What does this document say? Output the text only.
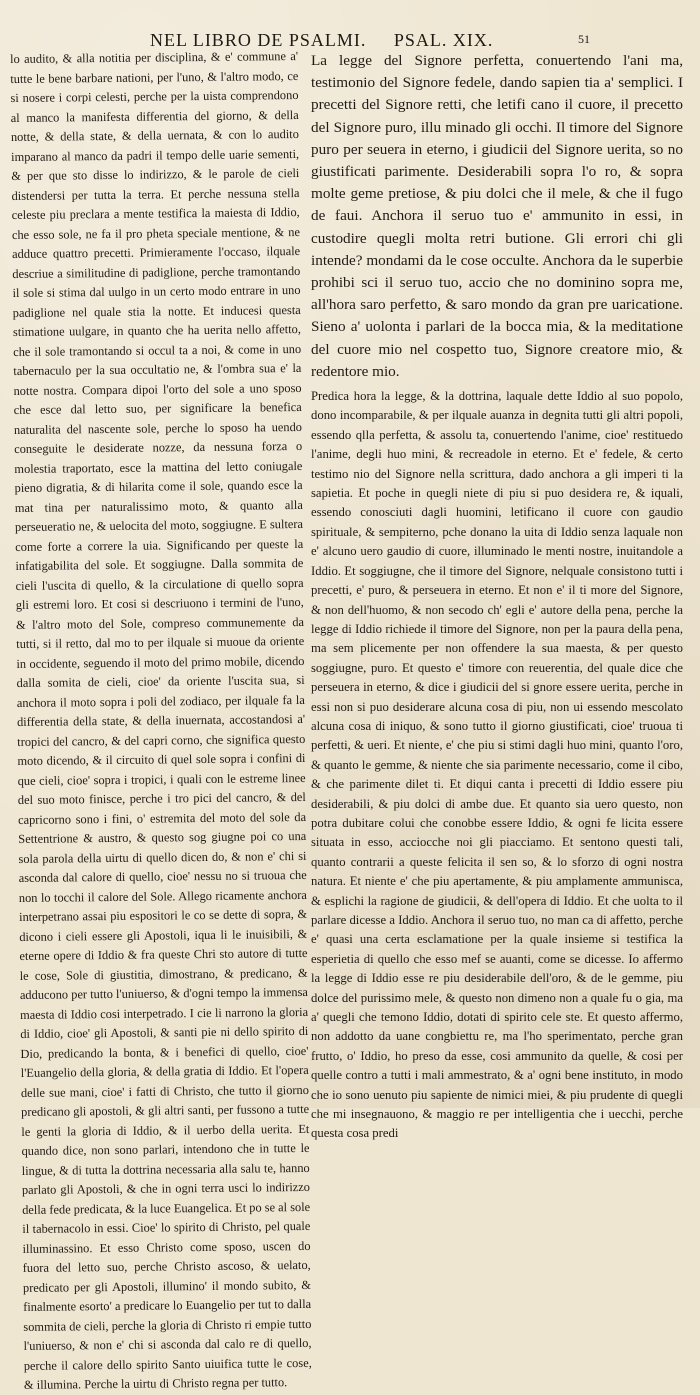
NEL LIBRO DE PSALMI. PSAL. XIX.	51

lo audito, & alla notitia per disciplina, & e' commune a' tutte le bene barbare nationi, per l'uno, & l'altro modo, ce si nosere i corpi celesti, perche per la uista comprendono al manco la manifesta differentia del giorno, & della notte, & della state, & della uernata, & con lo audito imparano al manco da padri il tempo delle uarie sementi, & per que sto disse lo indirizzo, & le parole de cieli distendersi per tutta la terra. Et perche nessuna stella celeste piu preclara a mente testifica la maiesta di Iddio, che esso sole, ne fa il pro pheta speciale mentione, & ne adduce quattro precetti. Primieramente l'occaso, ilquale descriue a similitudine di padiglione, perche tramontando il sole si stima dal uulgo in un certo modo entrare in uno padiglione nel quale stia la notte. Et inducesi questa stimatione uulgare, in quanto che ha uerita nello affetto, che il sole tramontando si occul ta a noi, & come in uno tabernaculo per la sua occultatio ne, & l'ombra sua e' la notte nostra. Compara dipoi l'orto del sole a uno sposo che esce dal letto suo, per significare la benefica naturalita del nascente sole, perche lo sposo ha uendo conseguite le desiderate nozze, da nessuna forza o molestia traportato, esce la mattina del letto coniugale pieno digratia, & di hilarita come il sole, quando esce la mat tina per naturalissimo moto, & quanto alla perseueratio ne, & uelocita del moto, soggiugne. E sultera come forte a correre la uia. Significando per queste la infatigabilita del sole. Et soggiugne. Dalla sommita de cieli l'uscita di quello, & la circulatione di quello sopra gli estremi loro. Et cosi si descriuono i termini de l'uno, & l'altro moto del Sole, compreso communemente da tutti, si il retto, dal mo to per ilquale si muoue da oriente in occidente, seguendo il moto del primo mobile, dicendo dalla somita de cieli, cioe' da oriente l'uscita sua, si anchora il moto sopra i poli del zodiaco, per ilquale fa la differentia della state, & della inuernata, accostandosi a' tropici del cancro, & del capri corno, che significa questo moto dicendo, & il circuito di quel sole sopra i confini di que cieli, cioe' sopra i tropici, i quali con le estreme linee del suo moto finisce, perche i tro pici del cancro, & del capricorno sono i fini, o' estremita del moto del sole da Settentrione & austro, & questo sog giugne poi co una sola parola della uirtu di quello dicen do, & non e' chi si asconda dal calore di quello, cioe' nessu no si truoua che non lo tocchi il calore del Sole. Allego ricamente anchora interpetrano assai piu espositori le co se dette di sopra, & dicono i cieli essere gli Apostoli, iqua li le inuisibili, & eterne opere di Iddio & fra queste Chri sto autore di tutte le cose, Sole di giustitia, dimostrano, & predicano, & adducono per tutto l'uniuerso, & d'ogni tempo la immensa maesta di Iddio cosi interpetrado. I cie li narrono la gloria di Iddio, cioe' gli Apostoli, & santi pie ni dello spirito di Dio, predicando la bonta, & i benefici di quello, cioe' l'Euangelio della gloria, & della gratia di Iddio. Et l'opera delle sue mani, cioe' i fatti di Christo, che tutto il giorno predicano gli apostoli, & gli altri santi, per fussono a tutte le genti la gloria di Iddio, & il uerbo della uerita. Et quando dice, non sono parlari, intendono che in tutte le lingue, & di tutta la dottrina necessaria alla salu te, hanno parlato gli Apostoli, & che in ogni terra usci lo indirizzo della fede predicata, & la luce Euangelica. Et po se al sole il tabernacolo in essi. Cioe' lo spirito di Christo, pel quale illuminassino. Et esso Christo come sposo, uscen do fuora del letto suo, perche Christo ascoso, & uelato, predicato per gli Apostoli, illumino' il mondo subito, & finalmente esorto' a predicare lo Euangelio per tut to dalla sommita de cieli, perche la gloria di Christo ri empie tutto l'uniuerso, & non e' chi si asconda dal calo re di quello, perche il calore dello spirito Santo uiuifica tutte le cose, & illumina. Perche la uirtu di Christo regna per tutto.

La legge del Signore perfetta, conuertendo l'ani ma, testimonio del Signore fedele, dando sapien tia a' semplici. I precetti del Signore retti, che letifi cano il cuore, il precetto del Signore puro, illu minado gli occhi. Il timore del Signore puro per seuera in eterno, i giudicii del Signore uerita, so no giustificati parimente. Desiderabili sopra l'o ro, & sopra molte geme pretiose, & piu dolci che il mele, & che il fugo de faui. Anchora il seruo tuo e' ammunito in essi, in custodire quegli molta retri butione. Gli errori chi gli intende? mondami da le cose occulte. Anchora da le superbie prohibi sci il seruo tuo, accio che no dominino sopra me, all'hora saro perfetto, & saro mondo da gran pre uaricatione. Sieno a' uolonta i parlari de la bocca mia, & la meditatione del cuore mio nel cospetto tuo, Signore creatore mio, & redentore mio.

Predica hora la legge, & la dottrina, laquale dette Iddio al suo popolo, dono incomparabile, & per ilquale auanza in degnita tutti gli altri popoli, essendo qlla perfetta, & assolu ta, conuertendo l'anime, cioe' restituedo l'anime, degli huo mini, & recreadole in eterno. Et e' fedele, & certo testimo nio del Signore nella scrittura, dado anchora a gli imperi ti la sapietia. Et poche in quegli niete di piu si puo desidera re, & iquali, essendo conosciuti dagli huomini, letificano il cuore con gaudio spirituale, & sempiterno, pche donano la uita di Iddio senza laquale non e' alcuno uero gaudio di cuore, illuminado le menti nostre, inuitandole a Iddio. Et soggiugne, che il timore del Signore, nelquale consistono tutti i precetti, e' puro, & perseuera in eterno. Et non e' il ti more del Signore, & non dell'huomo, & non secodo ch' egli e' autore della pena, perche la legge di Iddio richiede il timore del Signore, non per la paura della pena, ma sem plicemente per non offendere la sua maesta, & per questo soggiugne, puro. Et questo e' timore con reuerentia, del quale dice che perseuera in eterno, & dice i giudicii del si gnore essere uerita, perche in essi non si puo desiderare alcuna cosa di piu, non ui essendo mescolato alcuna cosa di iniquo, & sono tutto il giorno giustificati, cioe' truoua ti perfetti, & ueri. Et niente, e' che piu si stimi dagli huo mini, quanto l'oro, & quanto le gemme, & niente che sia parimente necessario, come il cibo, & che parimente dilet ti. Et diqui canta i precetti di Iddio essere piu desiderabili, & piu dolci di ambe due. Et quanto sia uero questo, non potra dubitare colui che conobbe essere Iddio, & ogni fe licita essere situata in esso, acciocche noi gli piacciamo. Et sentono questi tali, quanto contrarii a queste felicita il sen so, & lo sforzo di ogni nostra natura. Et niente e' che piu apertamente, & piu amplamente ammunisca, & esplichi la ragione de giudicii, & dell'opera di Iddio. Et che uolta to il parlare dicesse a Iddio. Anchora il seruo tuo, no man ca di affetto, perche e' quasi una certa esclamatione per la quale insieme si testifica la esperietia di quello che esso mef se auanti, come se dicesse. Io affermo la legge di Iddio esse re piu desiderabile dell'oro, & de le gemme, piu dolce del purissimo mele, & questo non dimeno non a quale fu o gia, ma a' quegli che temono Iddio, dotati di spirito cele ste. Et questo affermo, non addotto da uane congbiettu re, ma l'ho sperimentato, perche gran frutto, o' Iddio, ho preso da esse, cosi ammunito da quelle, & cosi per quelle contro a tutti i mali ammestrato, & a' ogni bene instituto, in modo che io sono uenuto piu sapiente de nimici miei, & piu prudente di quegli che mi insegnauono, & maggio re per intelligentia che i uecchi, perche questa cosa predi
